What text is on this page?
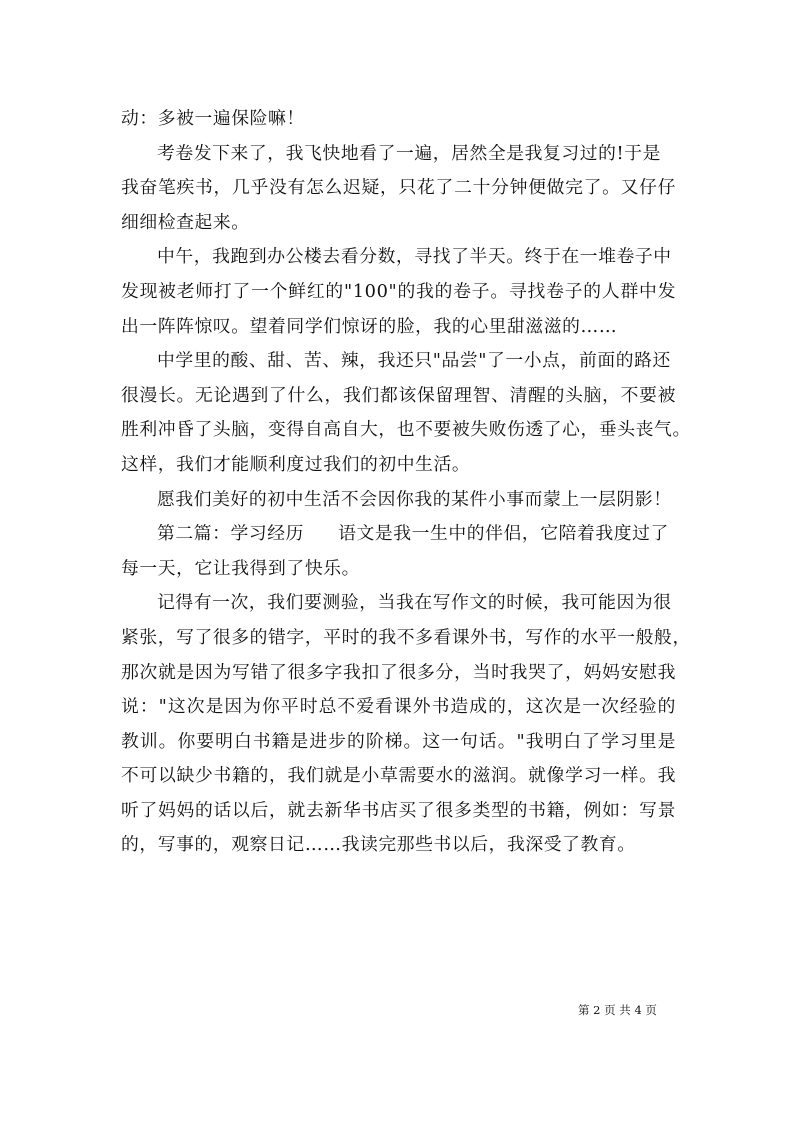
动：多被一遍保险嘛！
考卷发下来了，我飞快地看了一遍，居然全是我复习过的!于是
我奋笔疾书，几乎没有怎么迟疑，只花了二十分钟便做完了。又仔仔
细细检查起来。
中午，我跑到办公楼去看分数，寻找了半天。终于在一堆卷子中
发现被老师打了一个鲜红的"100"的我的卷子。寻找卷子的人群中发
出一阵阵惊叹。望着同学们惊讶的脸，我的心里甜滋滋的……
中学里的酸、甜、苦、辣，我还只"品尝"了一小点，前面的路还
很漫长。无论遇到了什么，我们都该保留理智、清醒的头脑，不要被
胜利冲昏了头脑，变得自高自大，也不要被失败伤透了心，垂头丧气。
这样，我们才能顺利度过我们的初中生活。
愿我们美好的初中生活不会因你我的某件小事而蒙上一层阴影！
第二篇：学习经历 语文是我一生中的伴侣，它陪着我度过了
每一天，它让我得到了快乐。
记得有一次，我们要测验，当我在写作文的时候，我可能因为很
紧张，写了很多的错字，平时的我不多看课外书，写作的水平一般般，
那次就是因为写错了很多字我扣了很多分，当时我哭了，妈妈安慰我
说："这次是因为你平时总不爱看课外书造成的，这次是一次经验的
教训。你要明白书籍是进步的阶梯。这一句话。"我明白了学习里是
不可以缺少书籍的，我们就是小草需要水的滋润。就像学习一样。我
听了妈妈的话以后，就去新华书店买了很多类型的书籍，例如：写景
的，写事的，观察日记……我读完那些书以后，我深受了教育。
第 2 页 共 4 页
